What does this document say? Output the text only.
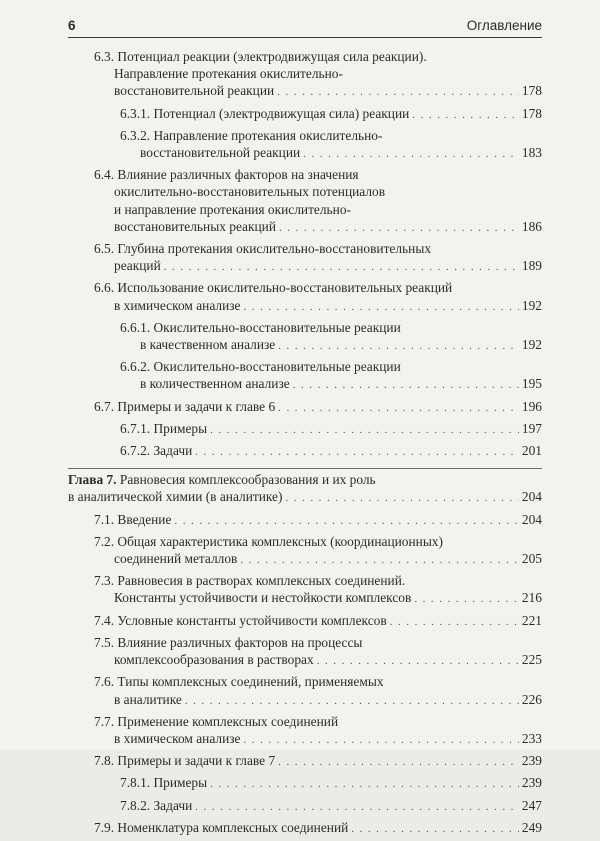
6	Оглавление
6.3. Потенциал реакции (электродвижущая сила реакции).
Направление протекания окислительно-
восстановительной реакции . . .	178
6.3.1. Потенциал (электродвижущая сила) реакции . . .	178
6.3.2. Направление протекания окислительно-
восстановительной реакции . . .	183
6.4. Влияние различных факторов на значения
окислительно-восстановительных потенциалов
и направление протекания окислительно-
восстановительных реакций . . .	186
6.5. Глубина протекания окислительно-восстановительных
реакций . . .	189
6.6. Использование окислительно-восстановительных реакций
в химическом анализе . . .	192
6.6.1. Окислительно-восстановительные реакции
в качественном анализе . . .	192
6.6.2. Окислительно-восстановительные реакции
в количественном анализе . . .	195
6.7. Примеры и задачи к главе 6 . . .	196
6.7.1. Примеры . . .	197
6.7.2. Задачи . . .	201
Глава 7. Равновесия комплексообразования и их роль
в аналитической химии (в аналитике) . . .	204
7.1. Введение . . .	204
7.2. Общая характеристика комплексных (координационных)
соединений металлов . . .	205
7.3. Равновесия в растворах комплексных соединений.
Константы устойчивости и нестойкости комплексов . . .	216
7.4. Условные константы устойчивости комплексов . . .	221
7.5. Влияние различных факторов на процессы
комплексообразования в растворах . . .	225
7.6. Типы комплексных соединений, применяемых
в аналитике . . .	226
7.7. Применение комплексных соединений
в химическом анализе . . .	233
7.8. Примеры и задачи к главе 7 . . .	239
7.8.1. Примеры . . .	239
7.8.2. Задачи . . .	247
7.9. Номенклатура комплексных соединений . . .	249
